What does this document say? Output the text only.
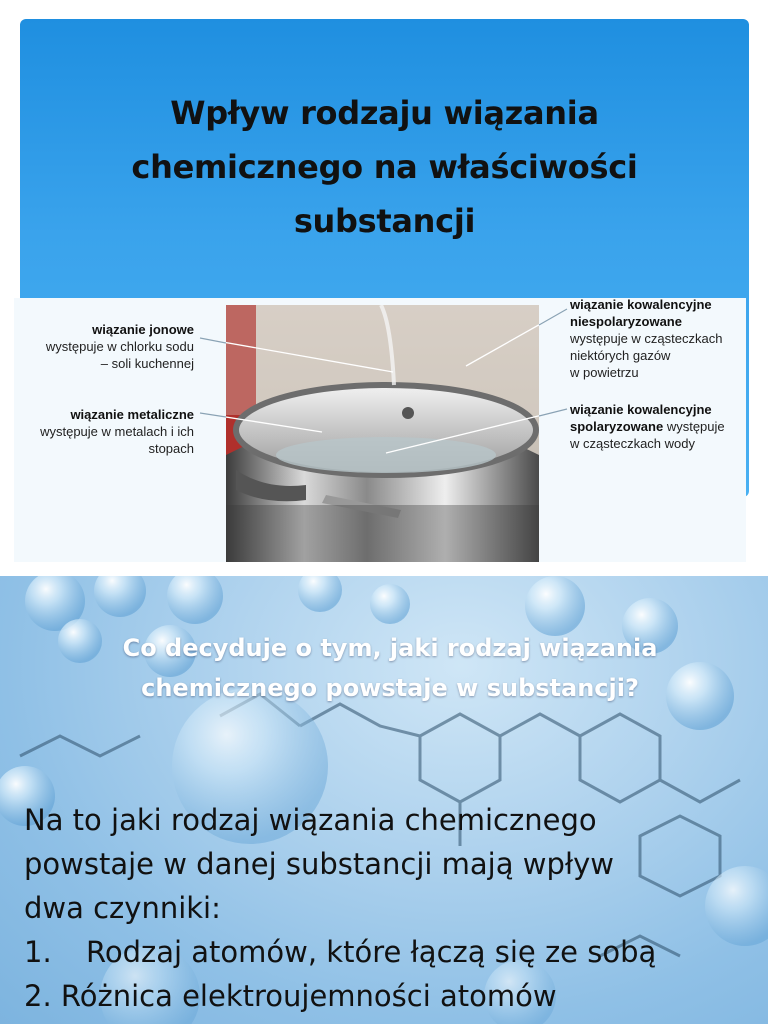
Wpływ rodzaju wiązania
chemicznego na właściwości
substancji
wiązanie jonowe
występuje w chlorku sodu
– soli kuchennej
wiązanie metaliczne
występuje w metalach i ich
stopach
wiązanie kowalencyjne
niespolaryzowane
występuje w cząsteczkach
niektórych gazów
w powietrzu
wiązanie kowalencyjne
spolaryzowane występuje
w cząsteczkach wody
Co decyduje o tym, jaki rodzaj wiązania
chemicznego powstaje w substancji?
Na to jaki rodzaj wiązania chemicznego
powstaje w danej substancji mają wpływ
dwa czynniki:
1.	Rodzaj atomów, które łączą się ze sobą
2.
Różnica elektroujemności atomów
